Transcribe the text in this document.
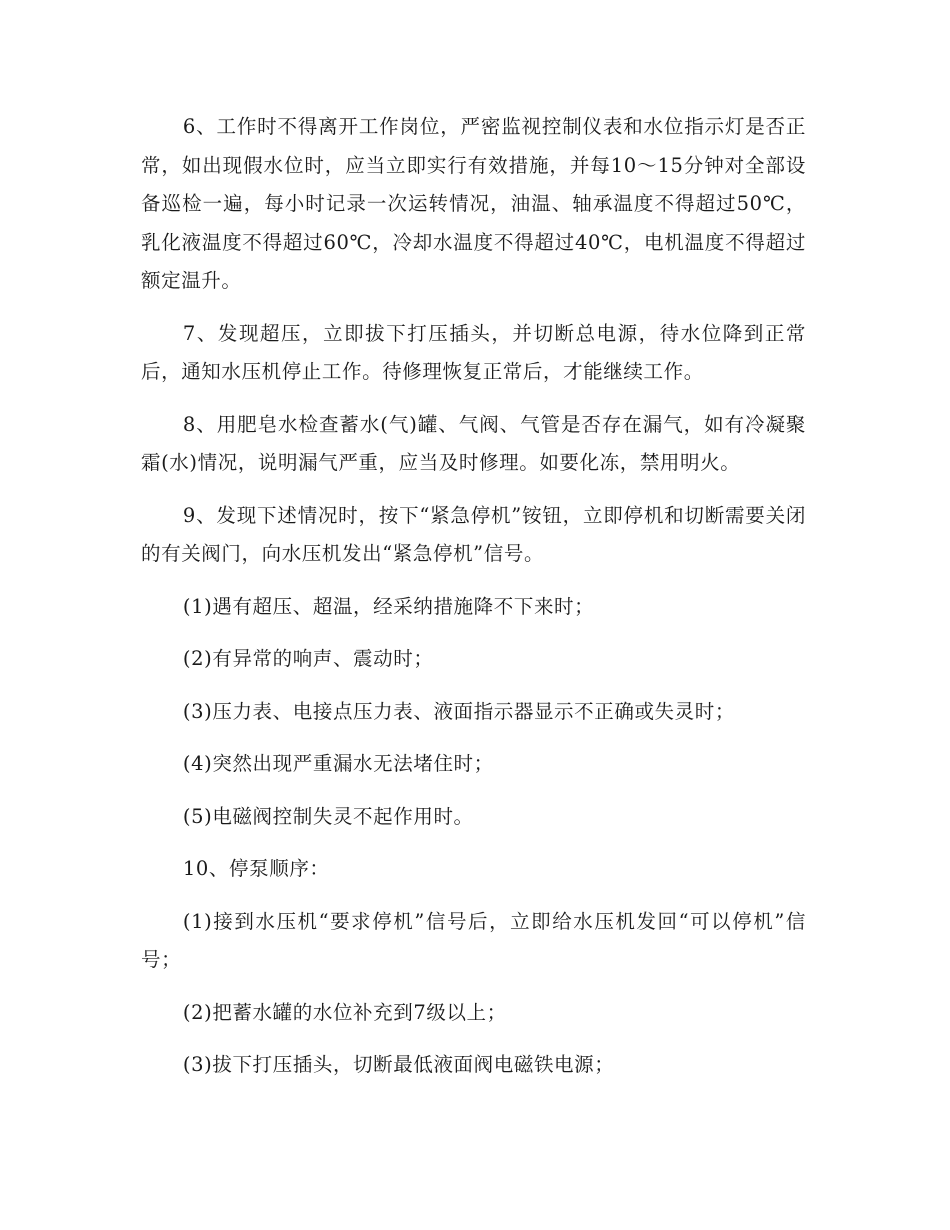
6、工作时不得离开工作岗位，严密监视控制仪表和水位指示灯是否正常，如出现假水位时，应当立即实行有效措施，并每10～15分钟对全部设备巡检一遍，每小时记录一次运转情况，油温、轴承温度不得超过50℃，乳化液温度不得超过60℃，冷却水温度不得超过40℃，电机温度不得超过额定温升。

7、发现超压，立即拔下打压插头，并切断总电源，待水位降到正常后，通知水压机停止工作。待修理恢复正常后，才能继续工作。

8、用肥皂水检查蓄水(气)罐、气阀、气管是否存在漏气，如有冷凝聚霜(水)情况，说明漏气严重，应当及时修理。如要化冻，禁用明火。

9、发现下述情况时，按下“紧急停机”铵钮，立即停机和切断需要关闭的有关阀门，向水压机发出“紧急停机”信号。

(1)遇有超压、超温，经采纳措施降不下来时；

(2)有异常的响声、震动时；

(3)压力表、电接点压力表、液面指示器显示不正确或失灵时；

(4)突然出现严重漏水无法堵住时；

(5)电磁阀控制失灵不起作用时。

10、停泵顺序：

(1)接到水压机“要求停机”信号后，立即给水压机发回“可以停机”信号；

(2)把蓄水罐的水位补充到7级以上；

(3)拔下打压插头，切断最低液面阀电磁铁电源；
